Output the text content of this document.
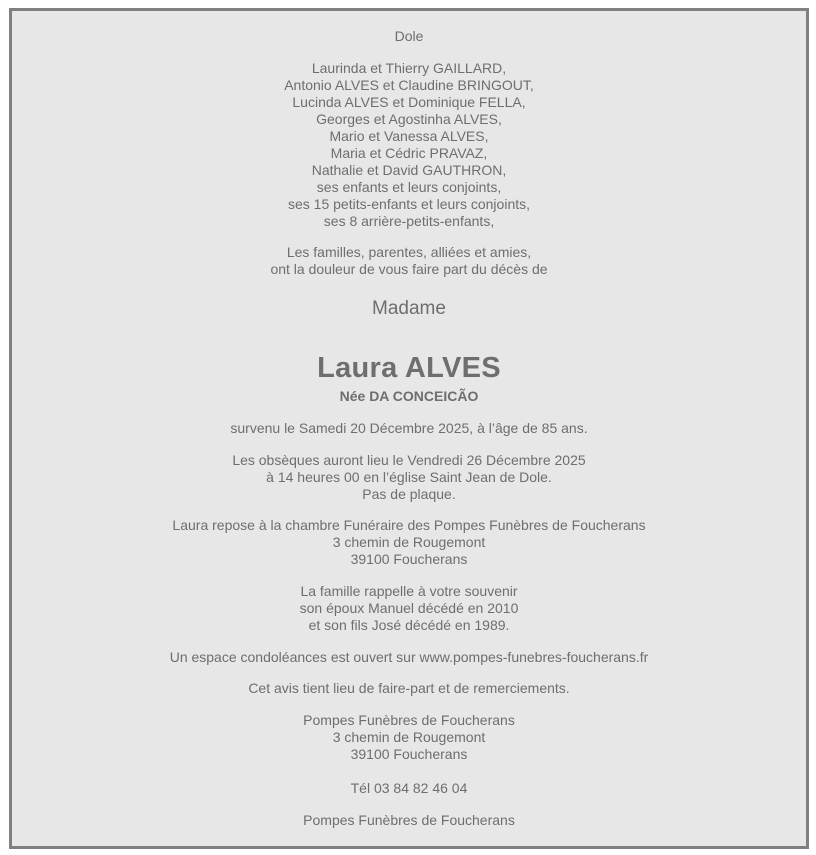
Dole
Laurinda et Thierry GAILLARD,
Antonio ALVES et Claudine BRINGOUT,
Lucinda ALVES et Dominique FELLA,
Georges et Agostinha ALVES,
Mario et Vanessa ALVES,
Maria et Cédric PRAVAZ,
Nathalie et David GAUTHRON,
ses enfants et leurs conjoints,
ses 15 petits-enfants et leurs conjoints,
ses 8 arrière-petits-enfants,
Les familles, parentes, alliées et amies,
ont la douleur de vous faire part du décès de
Madame
Laura ALVES
Née DA CONCEICÃO
survenu le Samedi 20 Décembre 2025, à l’âge de 85 ans.
Les obsèques auront lieu le Vendredi 26 Décembre 2025
à 14 heures 00 en l’église Saint Jean de Dole.
Pas de plaque.
Laura repose à la chambre Funéraire des Pompes Funèbres de Foucherans
3 chemin de Rougemont
39100 Foucherans
La famille rappelle à votre souvenir
son époux Manuel décédé en 2010
et son fils José décédé en 1989.
Un espace condoléances est ouvert sur www.pompes-funebres-foucherans.fr
Cet avis tient lieu de faire-part et de remerciements.
Pompes Funèbres de Foucherans
3 chemin de Rougemont
39100 Foucherans
Tél 03 84 82 46 04
Pompes Funèbres de Foucherans
